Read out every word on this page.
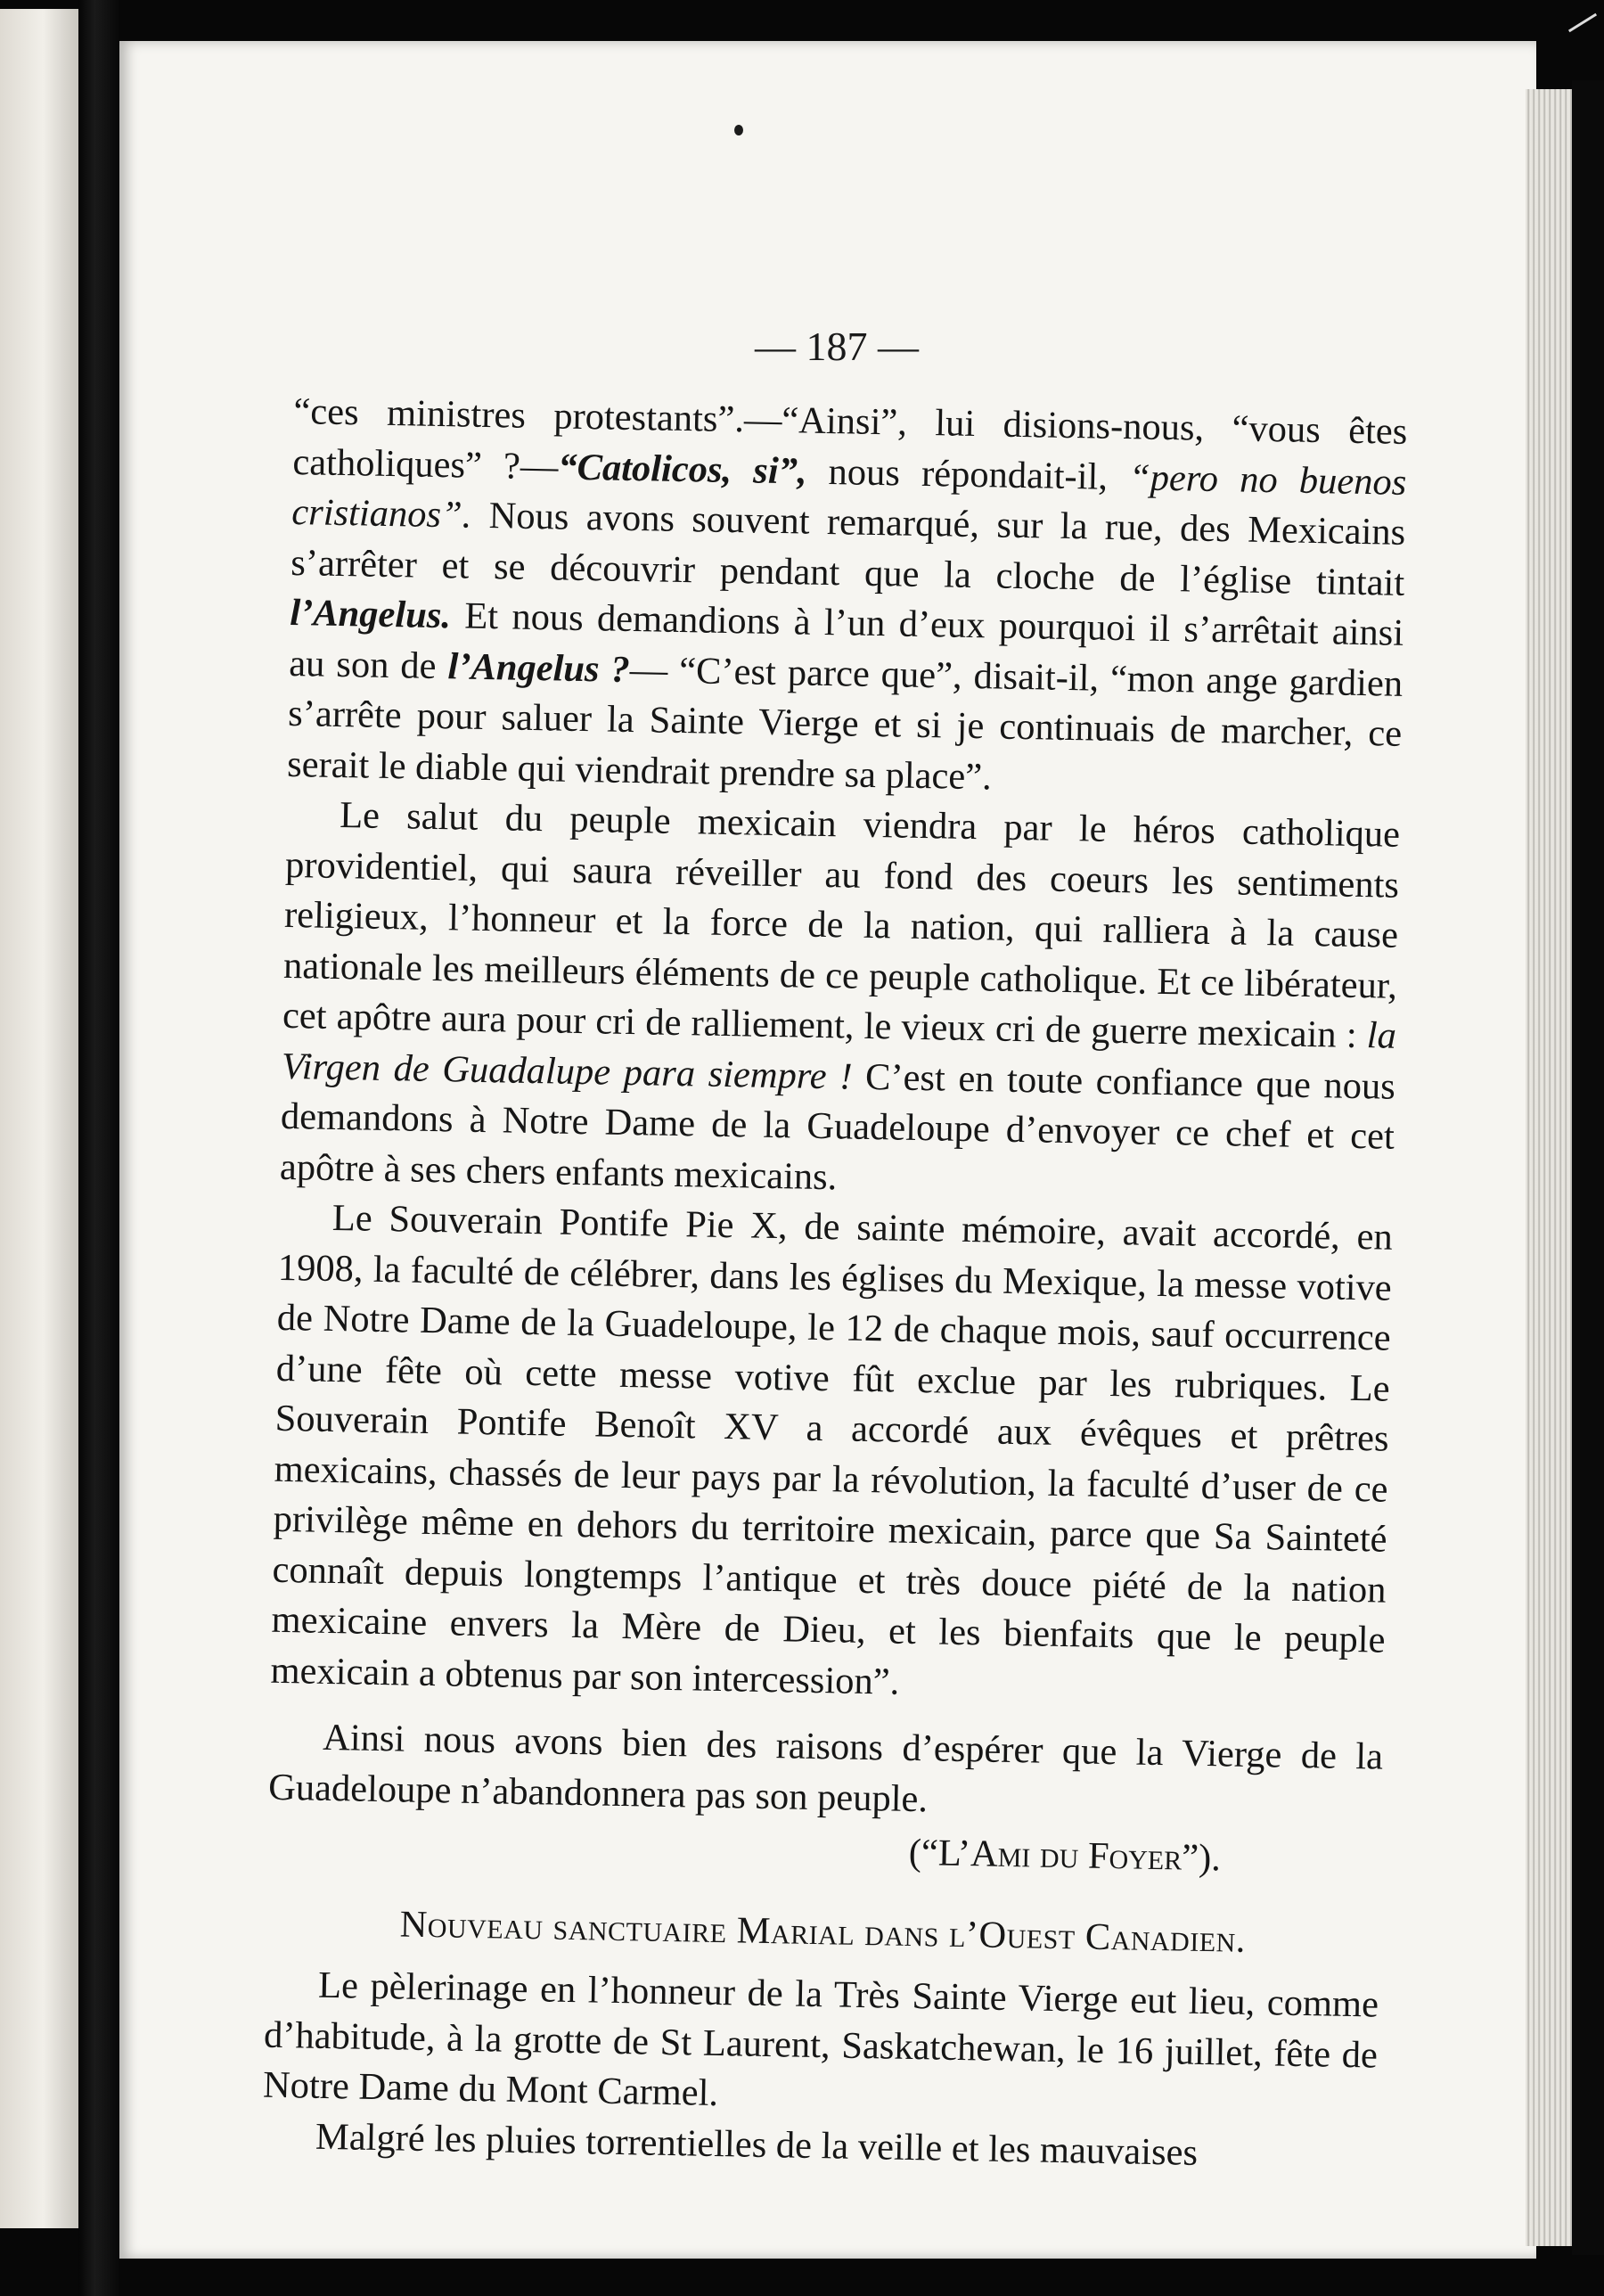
— 187 —

“ces ministres protestants”.—“Ainsi”, lui disions-nous, “vous êtes catholiques” ?—“Catolicos, si”, nous répondait-il, “pero no buenos cristianos”. Nous avons souvent remarqué, sur la rue, des Mexicains s’arrêter et se découvrir pendant que la cloche de l’église tintait l’Angelus. Et nous demandions à l’un d’eux pourquoi il s’arrêtait ainsi au son de l’Angelus ?— “C’est parce que”, disait-il, “mon ange gardien s’arrête pour saluer la Sainte Vierge et si je continuais de marcher, ce serait le diable qui viendrait prendre sa place”.

Le salut du peuple mexicain viendra par le héros catholique providentiel, qui saura réveiller au fond des coeurs les sentiments religieux, l’honneur et la force de la nation, qui ralliera à la cause nationale les meilleurs éléments de ce peuple catholique. Et ce libérateur, cet apôtre aura pour cri de ralliement, le vieux cri de guerre mexicain : la Virgen de Guadalupe para siempre ! C’est en toute confiance que nous demandons à Notre Dame de la Guadeloupe d’envoyer ce chef et cet apôtre à ses chers enfants mexicains.

Le Souverain Pontife Pie X, de sainte mémoire, avait accordé, en 1908, la faculté de célébrer, dans les églises du Mexique, la messe votive de Notre Dame de la Guadeloupe, le 12 de chaque mois, sauf occurrence d’une fête où cette messe votive fût exclue par les rubriques. Le Souverain Pontife Benoît XV a accordé aux évêques et prêtres mexicains, chassés de leur pays par la révolution, la faculté d’user de ce privilège même en dehors du territoire mexicain, parce que Sa Sainteté connaît depuis longtemps l’antique et très douce piété de la nation mexicaine envers la Mère de Dieu, et les bienfaits que le peuple mexicain a obtenus par son intercession”.

Ainsi nous avons bien des raisons d’espérer que la Vierge de la Guadeloupe n’abandonnera pas son peuple.

(“L’Ami du Foyer”).

Nouveau sanctuaire Marial dans l’Ouest Canadien.

Le pèlerinage en l’honneur de la Très Sainte Vierge eut lieu, comme d’habitude, à la grotte de St Laurent, Saskatchewan, le 16 juillet, fête de Notre Dame du Mont Carmel.

Malgré les pluies torrentielles de la veille et les mauvaises
